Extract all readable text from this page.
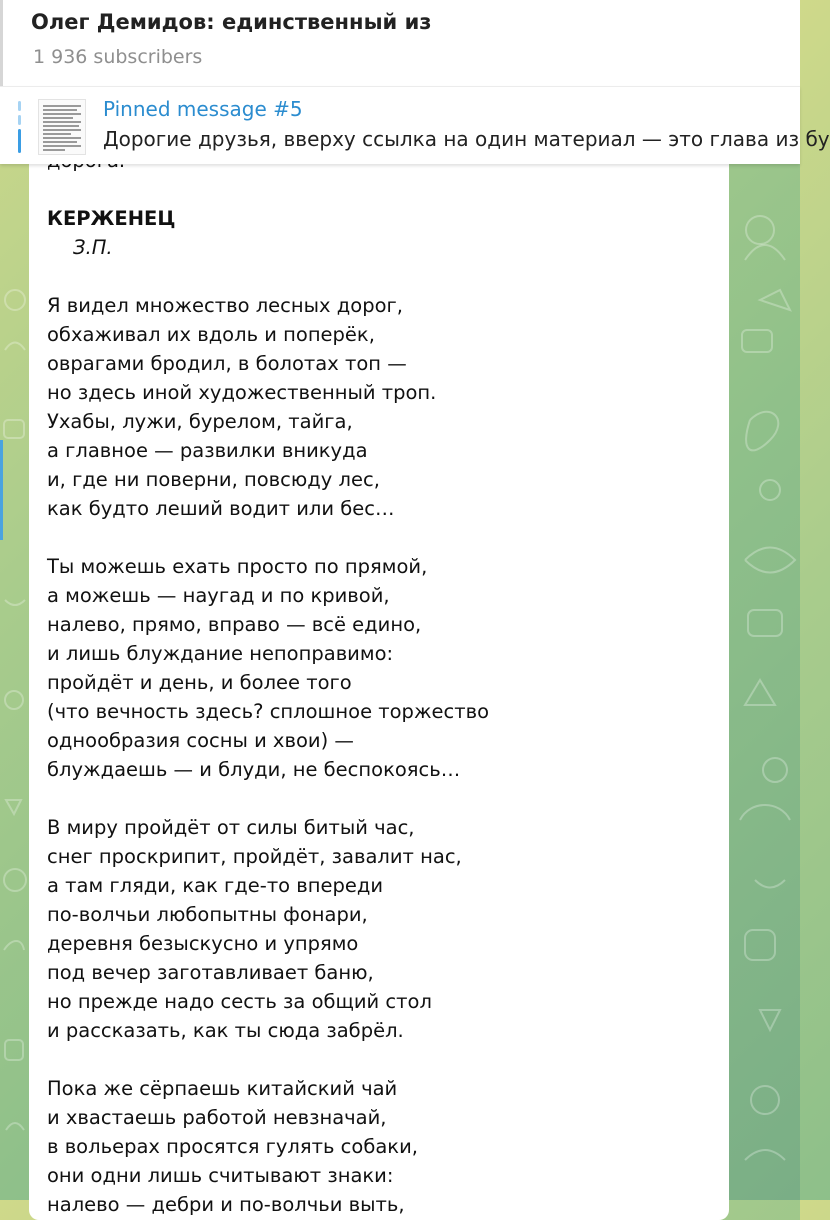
КЕРЖЕНЕЦ
З.П.
Я видел множество лесных дорог,
обхаживал их вдоль и поперёк,
оврагами бродил, в болотах топ —
но здесь иной художественный троп.
Ухабы, лужи, бурелом, тайга,
а главное — развилки вникуда
и, где ни поверни, повсюду лес,
как будто леший водит или бес…
Ты можешь ехать просто по прямой,
а можешь — наугад и по кривой,
налево, прямо, вправо — всё едино,
и лишь блуждание непоправимо:
пройдёт и день, и более того
(что вечность здесь? сплошное торжество
однообразия сосны и хвои) —
блуждаешь — и блуди, не беспокоясь…
В миру пройдёт от силы битый час,
снег проскрипит, пройдёт, завалит нас,
а там гляди, как где-то впереди
по-волчьи любопытны фонари,
деревня безыскусно и упрямо
под вечер заготавливает баню,
но прежде надо сесть за общий стол
и рассказать, как ты сюда забрёл.
Пока же сёрпаешь китайский чай
и хвастаешь работой невзначай,
в вольерах просятся гулять собаки,
они одни лишь считывают знаки:
налево — дебри и по-волчьи выть,
Олег Демидов: единственный из
1 936 subscribers
Pinned message #5
Дорогие друзья, вверху ссылка на один материал — это глава из бу
